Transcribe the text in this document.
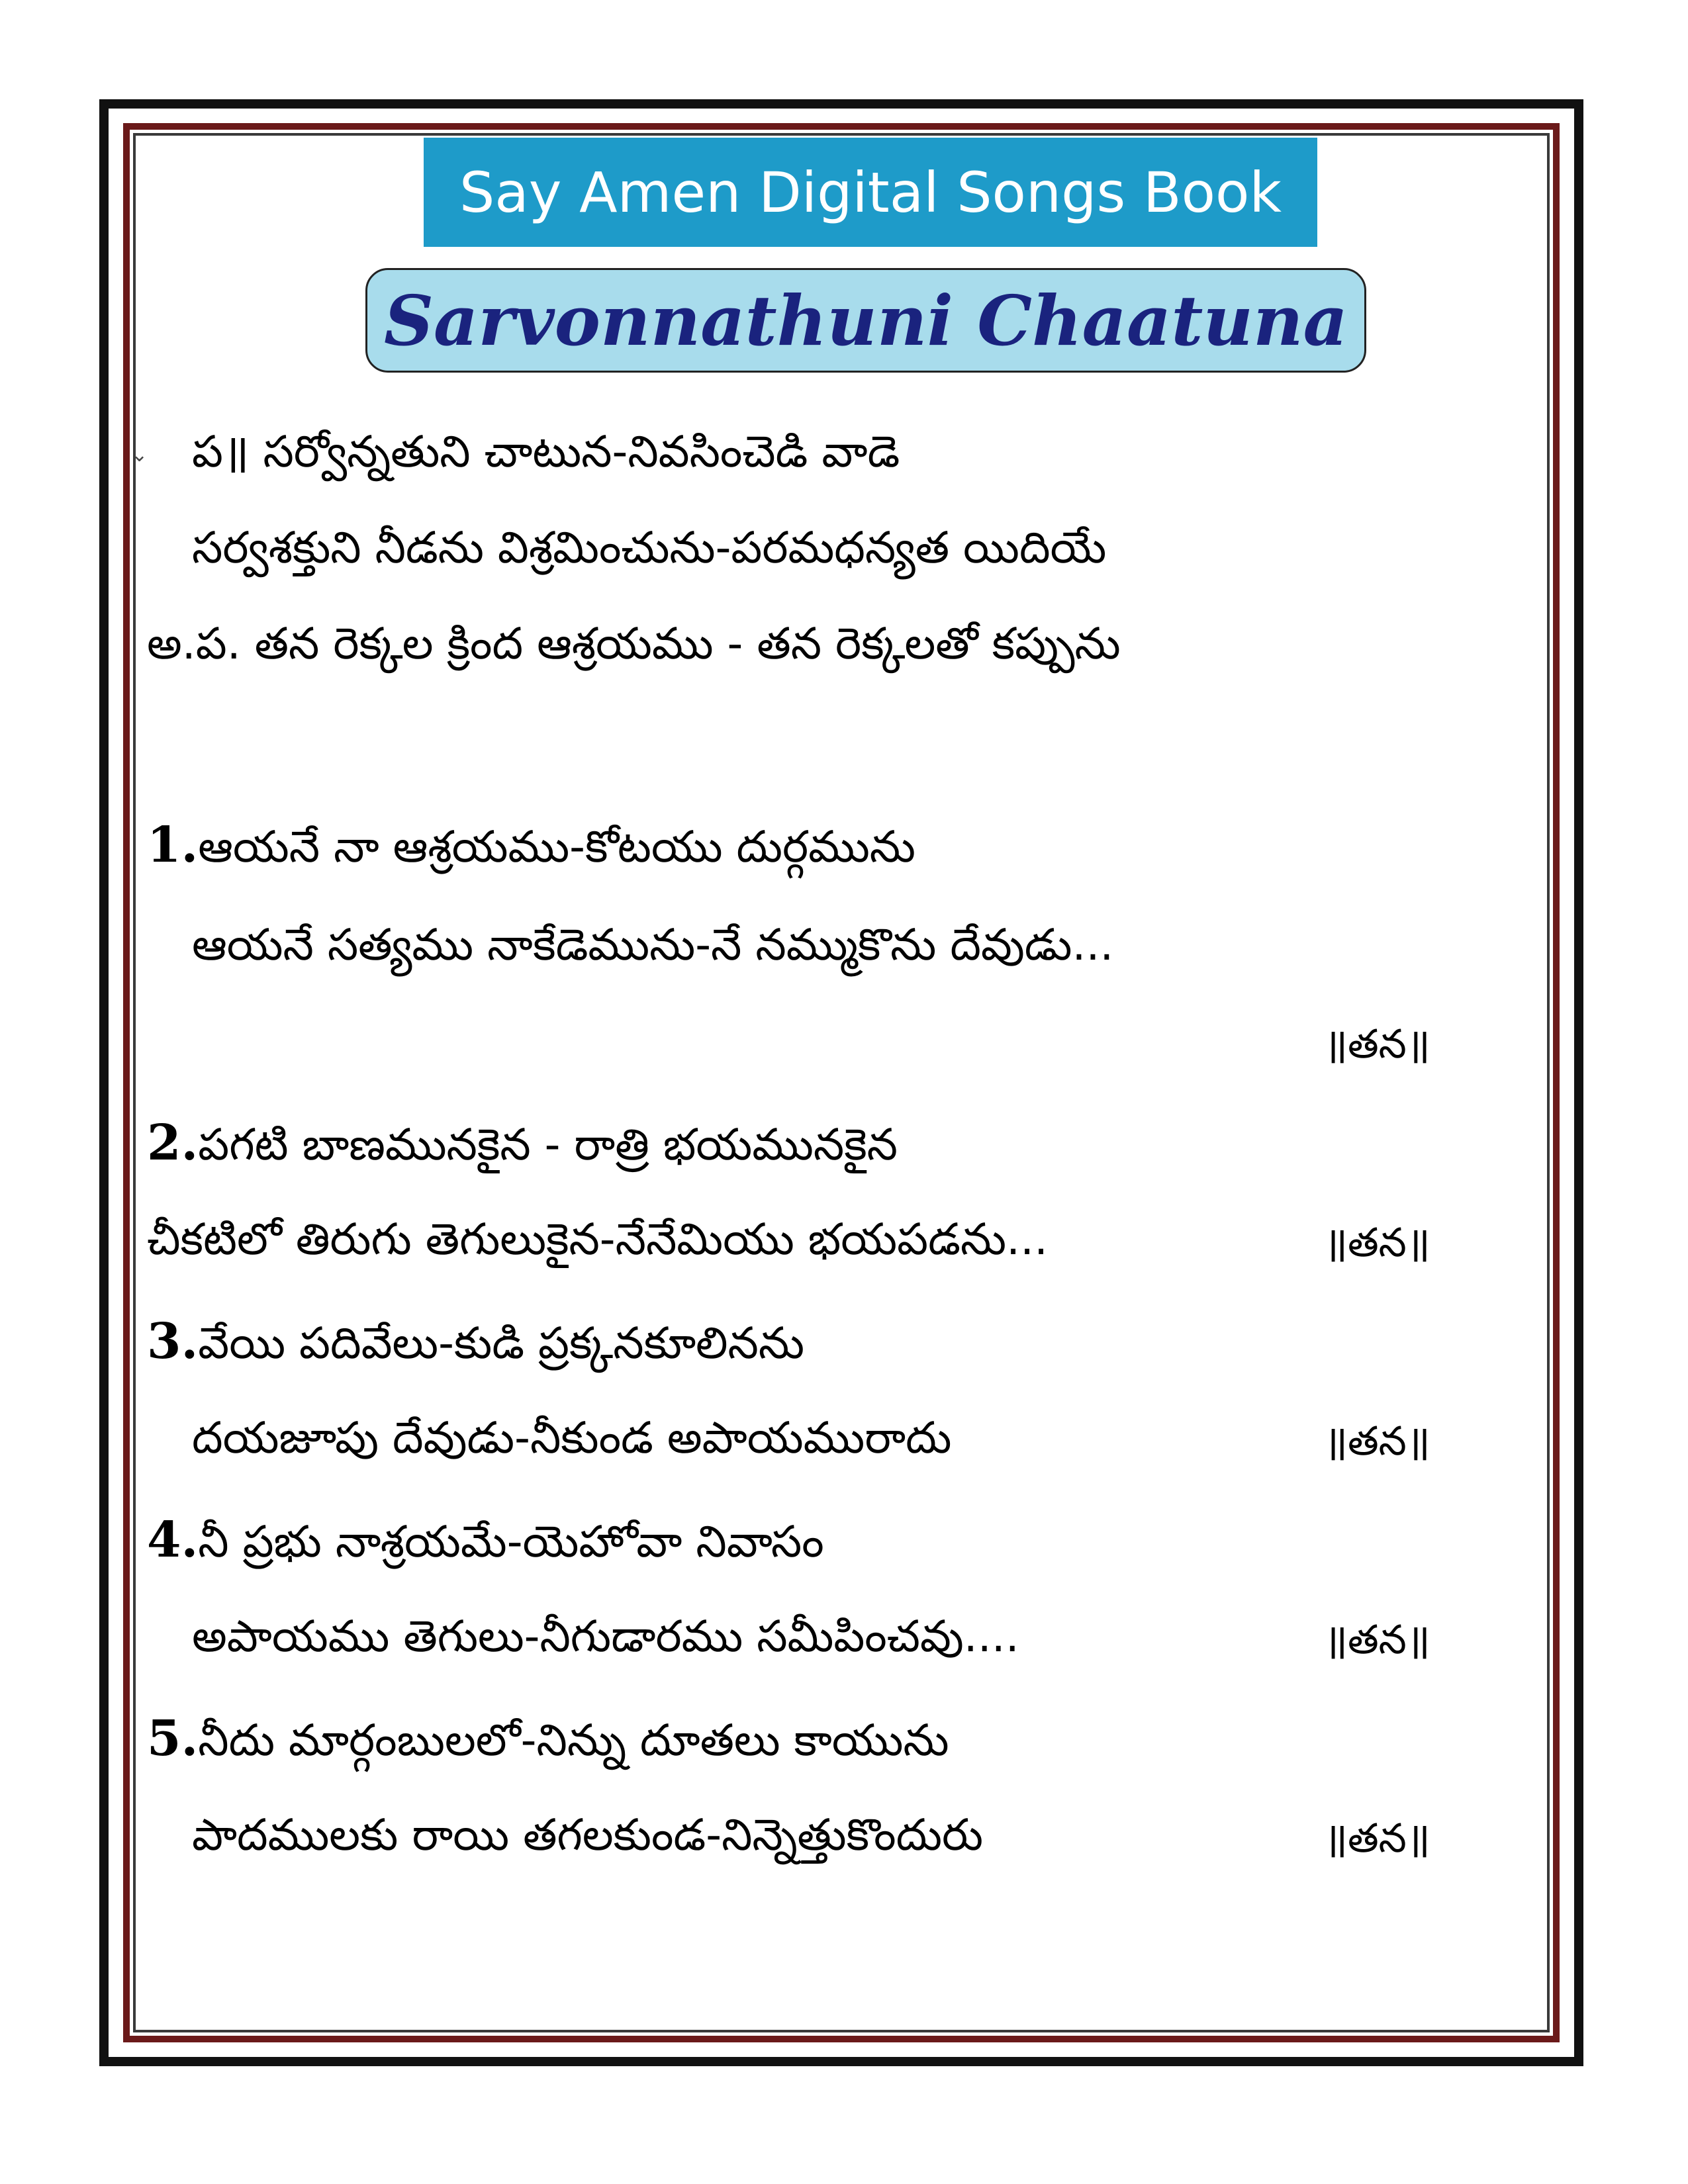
Say Amen Digital Songs Book
Sarvonnathuni Chaatuna
⌄ ప॥ సర్వోన్నతుని చాటున-నివసించెడి వాడె
సర్వశక్తుని నీడను విశ్రమించును-పరమధన్యత యిదియే
అ.ప. తన రెక్కల క్రింద ఆశ్రయము - తన రెక్కలతో కప్పును
1.ఆయనే నా ఆశ్రయము-కోటయు దుర్గమును
ఆయనే సత్యము నాకేడెమును-నే నమ్ముకొను దేవుడు...
॥తన॥
2.పగటి బాణమునకైన - రాత్రి భయమునకైన
చీకటిలో తిరుగు తెగులుకైన-నేనేమియు భయపడను...	॥తన॥
3.వేయి పదివేలు-కుడి ప్రక్కనకూలినను
దయజూపు దేవుడు-నీకుండ అపాయమురాదు	॥తన॥
4.నీ ప్రభు నాశ్రయమే-యెహోవా నివాసం
అపాయము తెగులు-నీగుడారము సమీపించవు....	॥తన॥
5.నీదు మార్గంబులలో-నిన్ను దూతలు కాయును
పాదములకు రాయి తగలకుండ-నిన్నెత్తుకొందురు	॥తన॥
